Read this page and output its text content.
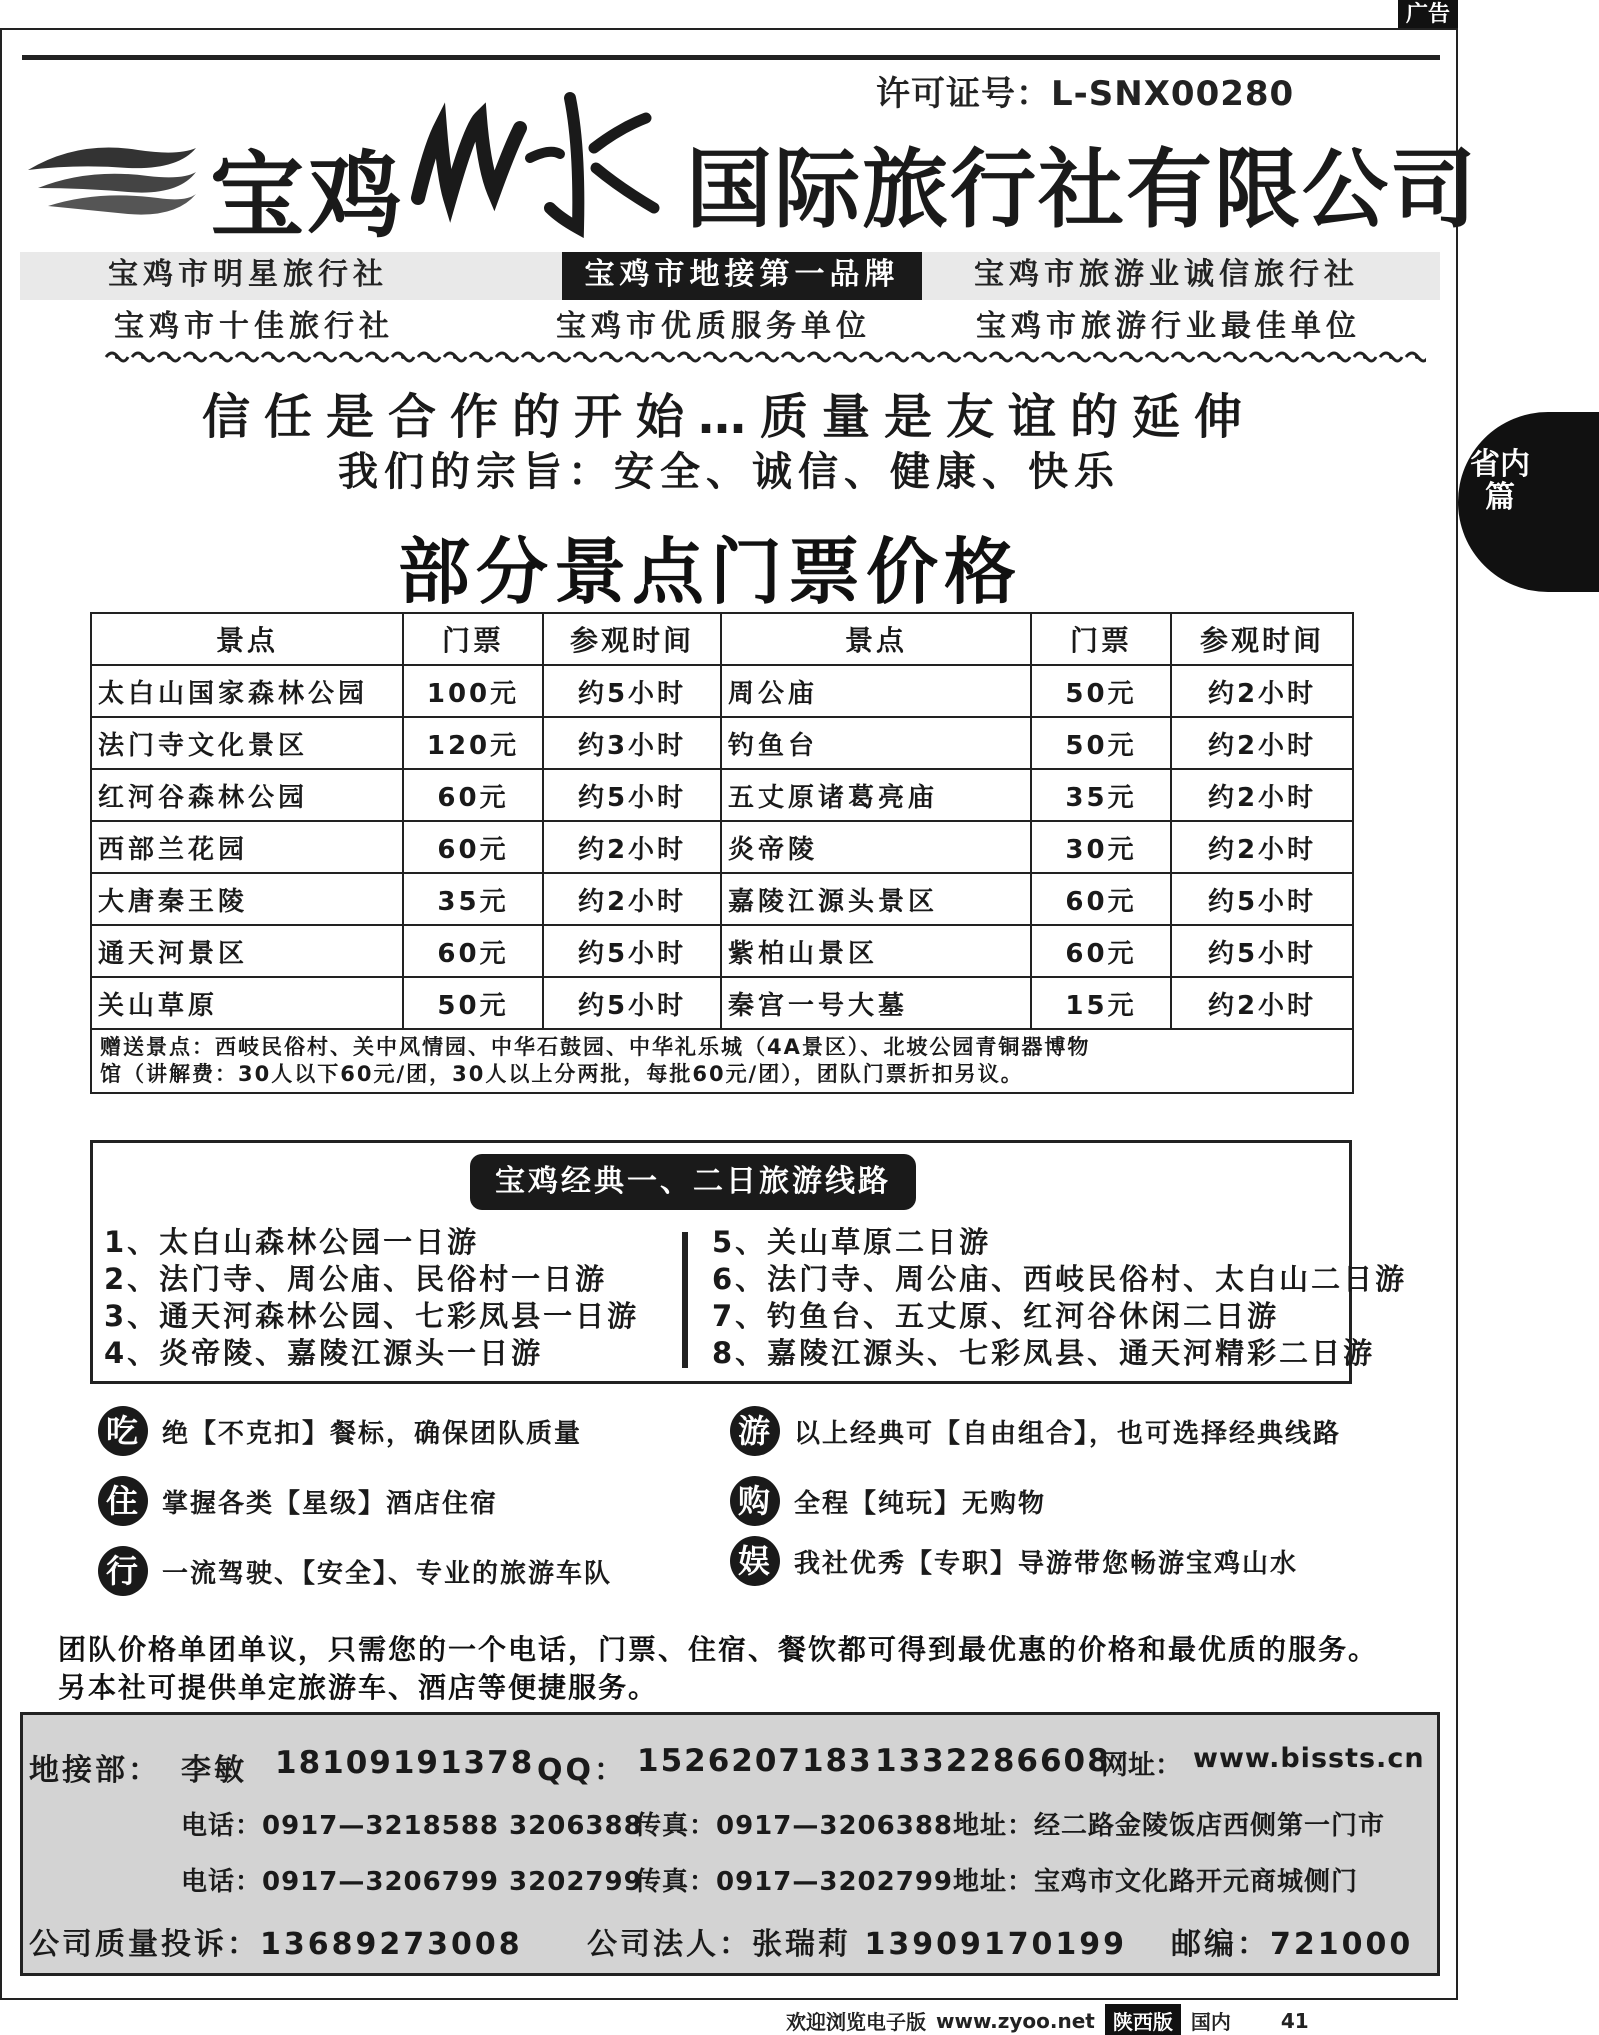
广告
许可证号：L-SNX00280
宝鸡	山水 国际旅行社有限公司
宝鸡市明星旅行社	宝鸡市地接第一品牌	宝鸡市旅游业诚信旅行社
宝鸡市十佳旅行社	宝鸡市优质服务单位	宝鸡市旅游行业最佳单位
信任是合作的开始…质量是友谊的延伸
我们的宗旨：安全、诚信、健康、快乐
部分景点门票价格
景点	门票	参观时间	景点	门票	参观时间
太白山国家森林公园	100元	约5小时	周公庙	50元	约2小时
法门寺文化景区	120元	约3小时	钓鱼台	50元	约2小时
红河谷森林公园	60元	约5小时	五丈原诸葛亮庙	35元	约2小时
西部兰花园	60元	约2小时	炎帝陵	30元	约2小时
大唐秦王陵	35元	约2小时	嘉陵江源头景区	60元	约5小时
通天河景区	60元	约5小时	紫柏山景区	60元	约5小时
关山草原	50元	约5小时	秦宫一号大墓	15元	约2小时

赠送景点：西岐民俗村、关中风情园、中华石鼓园、中华礼乐城（4A景区）、北坡公园青铜器博物
馆（讲解费：30人以下60元/团，30人以上分两批，每批60元/团），团队门票折扣另议。					
宝鸡经典一、二日旅游线路
1、太白山森林公园一日游
2、法门寺、周公庙、民俗村一日游
3、通天河森林公园、七彩凤县一日游
4、炎帝陵、嘉陵江源头一日游
5、关山草原二日游
6、法门寺、周公庙、西岐民俗村、太白山二日游
7、钓鱼台、五丈原、红河谷休闲二日游
8、嘉陵江源头、七彩凤县、通天河精彩二日游
吃 绝【不克扣】餐标，确保团队质量
住 掌握各类【星级】酒店住宿
行 一流驾驶、【安全】、专业的旅游车队
游 以上经典可【自由组合】，也可选择经典线路
购 全程【纯玩】无购物
娱 我社优秀【专职】导游带您畅游宝鸡山水
团队价格单团单议，只需您的一个电话，门票、住宿、餐饮都可得到最优惠的价格和最优质的服务。
另本社可提供单定旅游车、酒店等便捷服务。
地接部： 李敏 18109191378 QQ： 1526207183 1332286608
网址： www.bissts.cn
电话：0917—3218588 3206388
传真：0917—3206388 地址：经二路金陵饭店西侧第一门市
电话：0917—3206799 3202799
传真：0917—3202799 地址：宝鸡市文化路开元商城侧门
公司质量投诉：13689273008 公司法人：张瑞莉 13909170199 邮编：721000
省内篇
欢迎浏览电子版 www.zyoo.net 陕西版 国内	41
